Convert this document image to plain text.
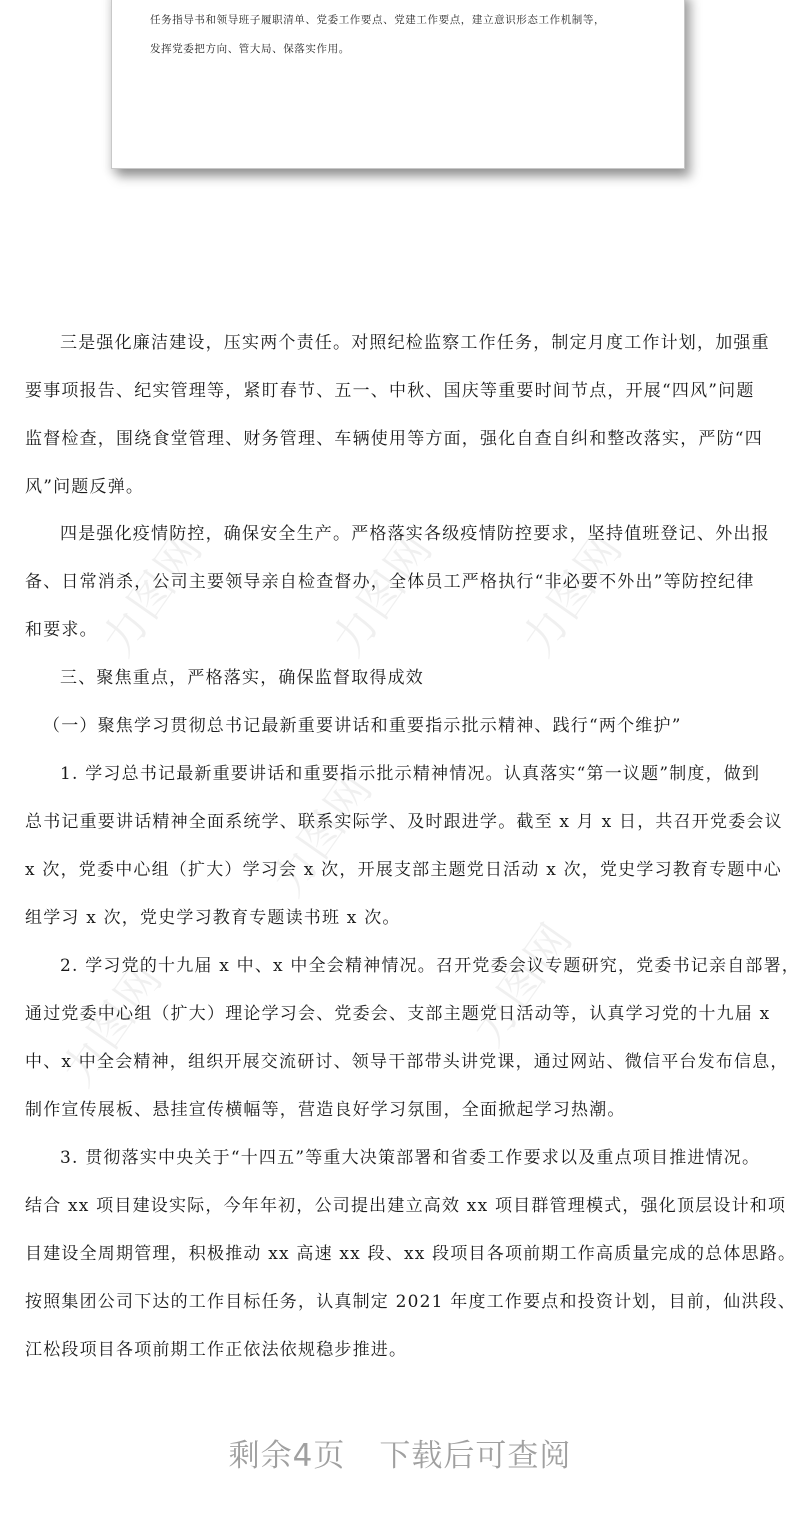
任务指导书和领导班子履职清单、党委工作要点、党建工作要点，建立意识形态工作机制等，
发挥党委把方向、管大局、保落实作用。
三是强化廉洁建设，压实两个责任。对照纪检监察工作任务，制定月度工作计划，加强重
要事项报告、纪实管理等，紧盯春节、五一、中秋、国庆等重要时间节点，开展“四风”问题
监督检查，围绕食堂管理、财务管理、车辆使用等方面，强化自查自纠和整改落实，严防“四
风”问题反弹。
四是强化疫情防控，确保安全生产。严格落实各级疫情防控要求，坚持值班登记、外出报
备、日常消杀，公司主要领导亲自检查督办，全体员工严格执行“非必要不外出”等防控纪律
和要求。
三、聚焦重点，严格落实，确保监督取得成效
（一）聚焦学习贯彻总书记最新重要讲话和重要指示批示精神、践行“两个维护”
1. 学习总书记最新重要讲话和重要指示批示精神情况。认真落实“第一议题”制度，做到
总书记重要讲话精神全面系统学、联系实际学、及时跟进学。截至 x 月 x 日，共召开党委会议
x 次，党委中心组（扩大）学习会 x 次，开展支部主题党日活动 x 次，党史学习教育专题中心
组学习 x 次，党史学习教育专题读书班 x 次。
2. 学习党的十九届 x 中、x 中全会精神情况。召开党委会议专题研究，党委书记亲自部署，
通过党委中心组（扩大）理论学习会、党委会、支部主题党日活动等，认真学习党的十九届 x
中、x 中全会精神，组织开展交流研讨、领导干部带头讲党课，通过网站、微信平台发布信息，
制作宣传展板、悬挂宣传横幅等，营造良好学习氛围，全面掀起学习热潮。
3. 贯彻落实中央关于“十四五”等重大决策部署和省委工作要求以及重点项目推进情况。
结合 xx 项目建设实际，今年年初，公司提出建立高效 xx 项目群管理模式，强化顶层设计和项
目建设全周期管理，积极推动 xx 高速 xx 段、xx 段项目各项前期工作高质量完成的总体思路。
按照集团公司下达的工作目标任务，认真制定 2021 年度工作要点和投资计划，目前，仙洪段、
江松段项目各项前期工作正依法依规稳步推进。
力图网 力图网 力图网
力图网	力图网
力图网
剩余4页 下载后可查阅
